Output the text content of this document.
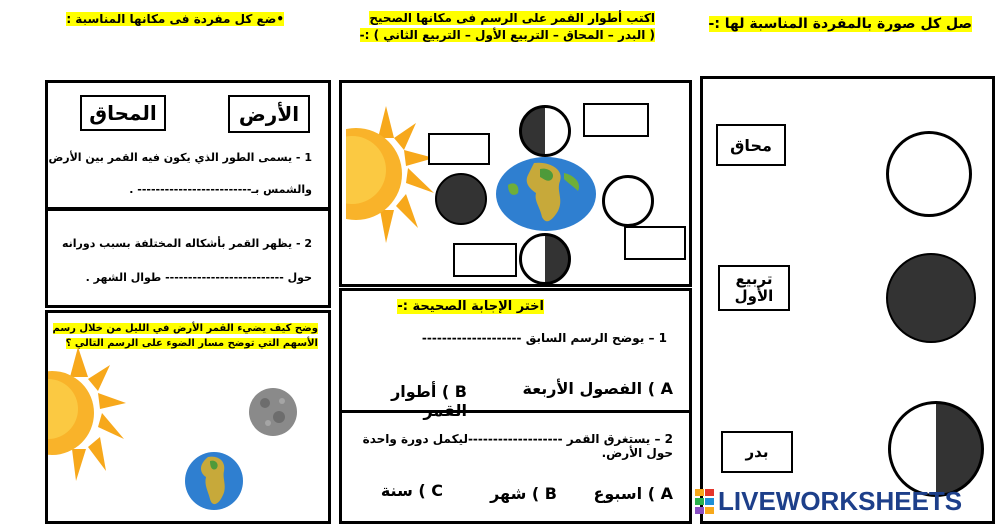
صل كل صورة بالمفردة المناسبة لها :-
اكتب أطوار القمر على الرسم فى مكانها الصحيح
( البدر – المحاق – التربيع الأول – التربيع الثاني ) :-
•ضع كل مفردة فى مكانها المناسبة :
محاق
تربيع الأول
بدر
اختر الإجابة الصحيحة :-
1 – يوضح الرسم السابق --------------------
A ) الفصول الأربعة
B ) أطوار
2 – يستغرق القمر -------------------ليكمل دورة واحدة حول الأرض.
A ) اسبوع
B ) شهر
C ) سنة
المحاق	الأرض
1 - يسمى الطور الذي يكون فيه القمر بين الأرض
والشمس بـ------------------------- .
2 - يظهر القمر بأشكاله المختلفة بسبب دورانه
حول -------------------------- طوال الشهر .
وضح كيف يضيء القمر الأرض في الليل من خلال رسم
الأسهم التي توضح مسار الضوء على الرسم التالي ؟
LIVEWORKSHEETS
